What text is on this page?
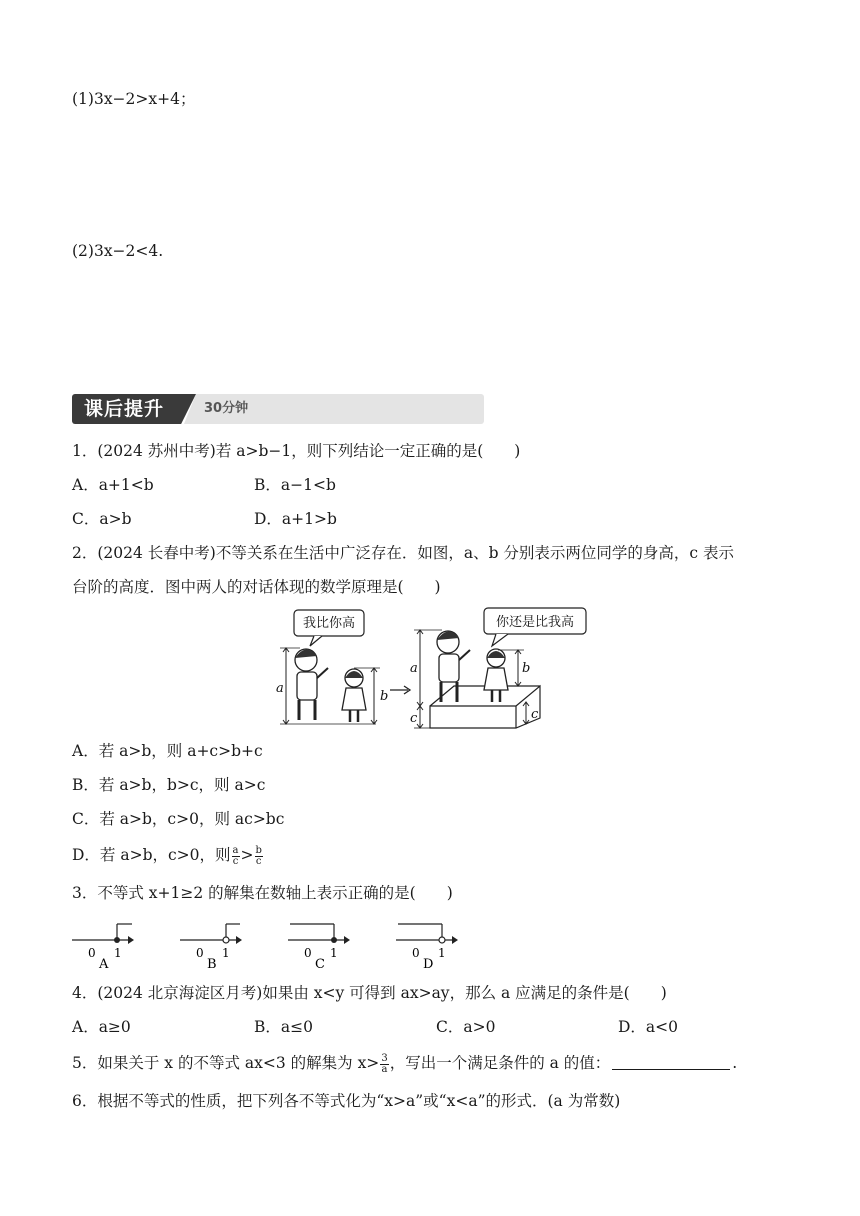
(1)3x−2>x+4；
(2)3x−2<4.
课后提升	30分钟
1．(2024 苏州中考)若 a>b−1，则下列结论一定正确的是(　　)
A．a+1<b	B．a−1<b
C．a>b	D．a+1>b
2．(2024 长春中考)不等关系在生活中广泛存在．如图，a、b 分别表示两位同学的身高，c 表示
台阶的高度．图中两人的对话体现的数学原理是(　　)
我比你高	你还是比我高
a
b
a
c
b
c
A．若 a>b，则 a+c>b+c
B．若 a>b，b>c，则 a>c
C．若 a>b，c>0，则 ac>bc
D．若 a>b，c>0，则 $\frac{a}{c} > \frac{b}{c}$
3．不等式 x+1≥2 的解集在数轴上表示正确的是(　　)
0 1
A
0 1
B
0 1
C
0 1
D
4．(2024 北京海淀区月考)如果由 x<y 可得到 ax>ay，那么 a 应满足的条件是(　　)
A．a≥0	B．a≤0	C．a>0	D．a<0
5．如果关于 x 的不等式 ax<3 的解集为 $x> \frac{3}{a}$ ，写出一个满足条件的 a 的值：	.
6．根据不等式的性质，把下列各不等式化为“x>a”或“x<a”的形式．(a 为常数)
